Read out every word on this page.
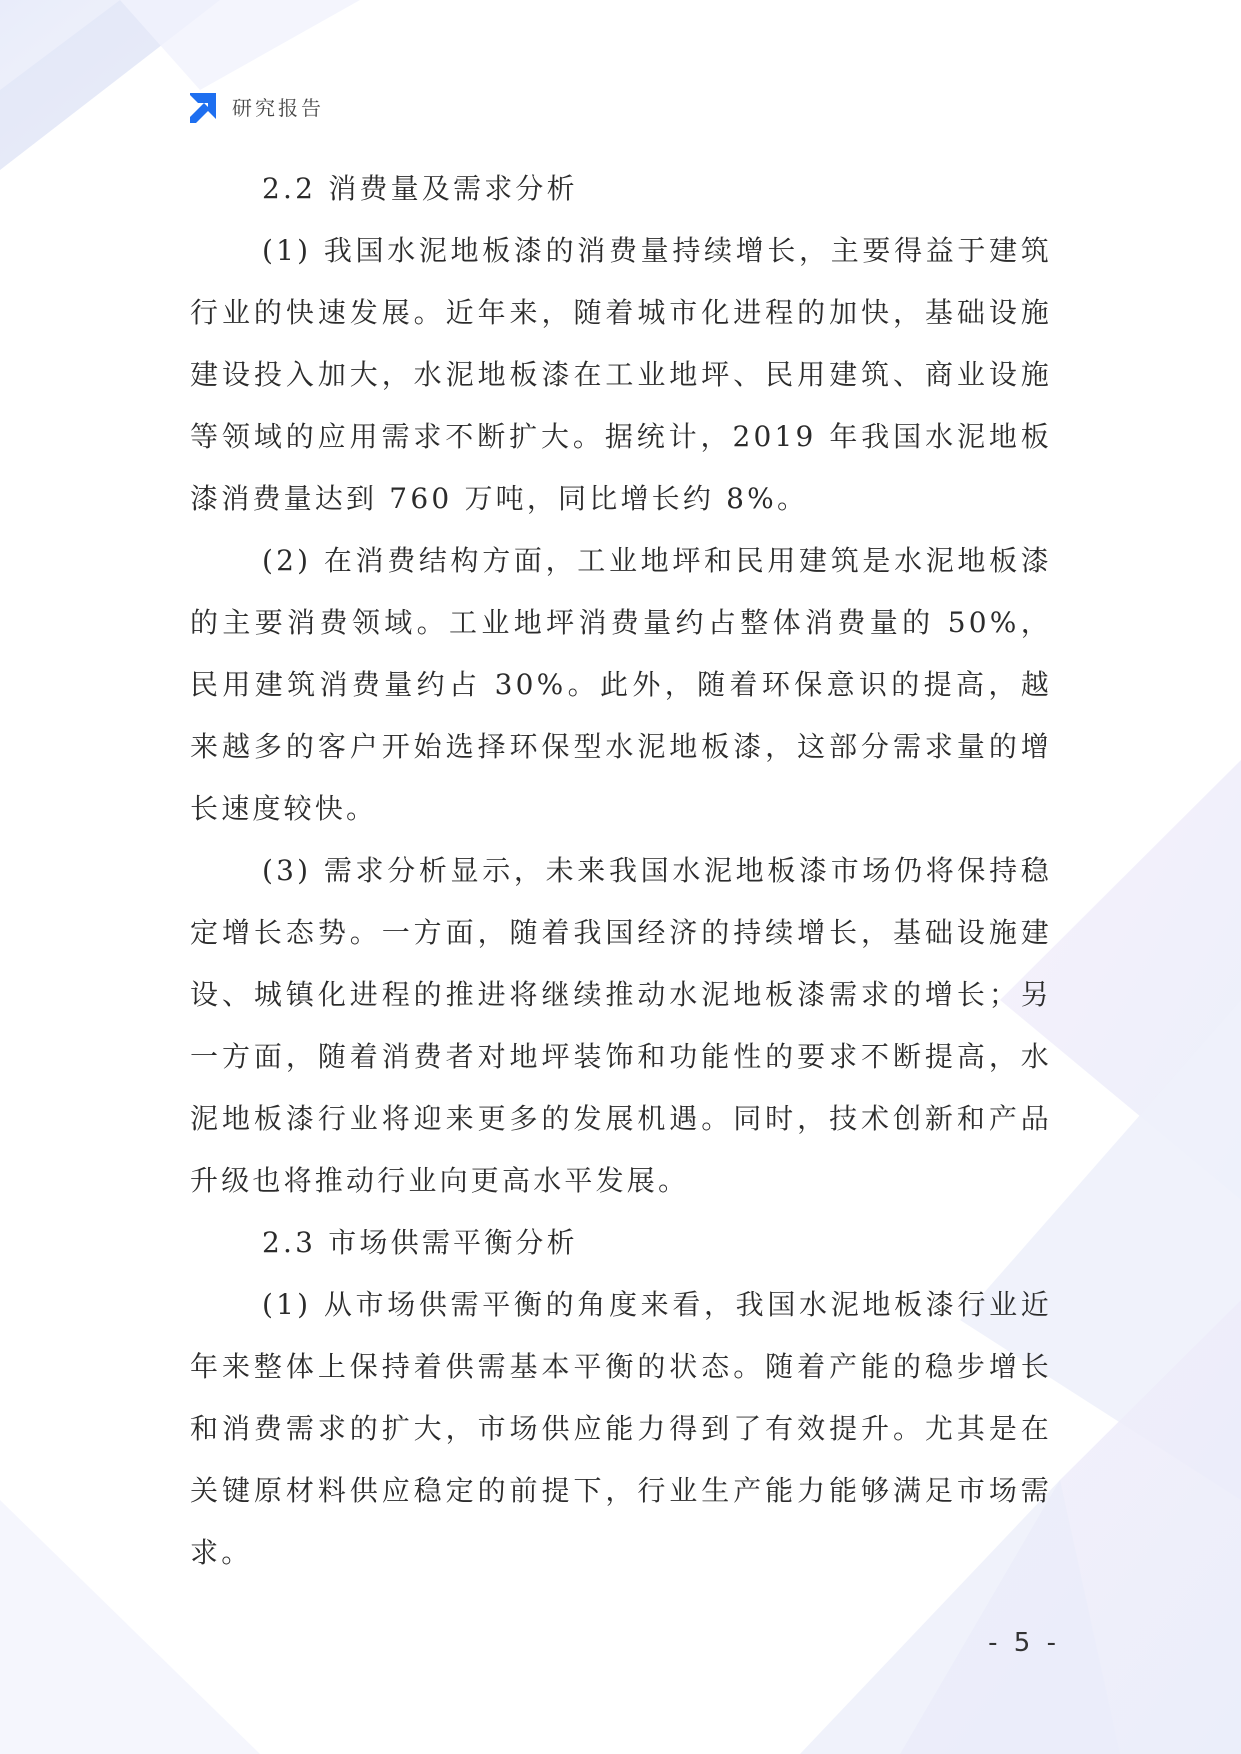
研究报告

2.2 消费量及需求分析

(1) 我国水泥地板漆的消费量持续增长，主要得益于建筑行业的快速发展。近年来，随着城市化进程的加快，基础设施建设投入加大，水泥地板漆在工业地坪、民用建筑、商业设施等领域的应用需求不断扩大。据统计，2019 年我国水泥地板漆消费量达到 760 万吨，同比增长约 8%。

(2) 在消费结构方面，工业地坪和民用建筑是水泥地板漆的主要消费领域。工业地坪消费量约占整体消费量的 50%，民用建筑消费量约占 30%。此外，随着环保意识的提高，越来越多的客户开始选择环保型水泥地板漆，这部分需求量的增长速度较快。

(3) 需求分析显示，未来我国水泥地板漆市场仍将保持稳定增长态势。一方面，随着我国经济的持续增长，基础设施建设、城镇化进程的推进将继续推动水泥地板漆需求的增长；另一方面，随着消费者对地坪装饰和功能性的要求不断提高，水泥地板漆行业将迎来更多的发展机遇。同时，技术创新和产品升级也将推动行业向更高水平发展。

2.3 市场供需平衡分析

(1) 从市场供需平衡的角度来看，我国水泥地板漆行业近年来整体上保持着供需基本平衡的状态。随着产能的稳步增长和消费需求的扩大，市场供应能力得到了有效提升。尤其是在关键原材料供应稳定的前提下，行业生产能力能够满足市场需求。

- 5 -
